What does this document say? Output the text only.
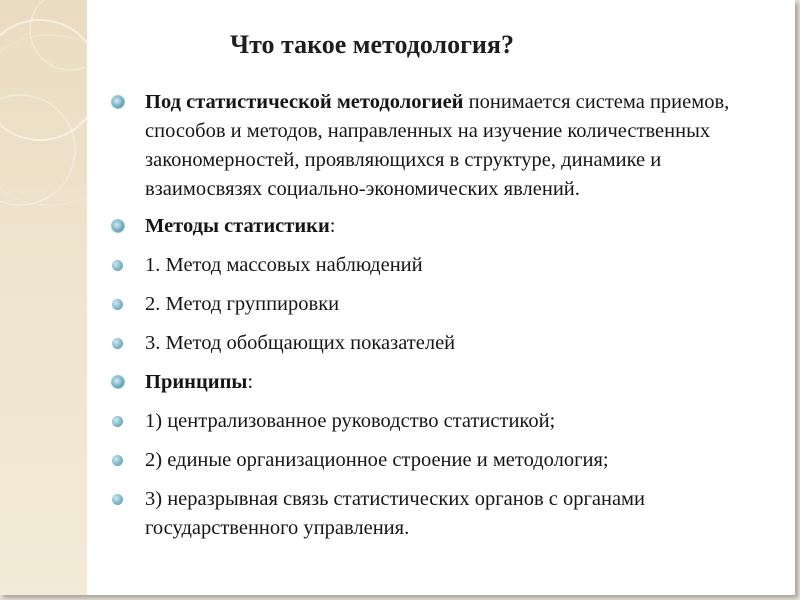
Что такое методология?
Под статистической методологией понимается система приемов, способов и методов, направленных на изучение количественных закономерностей, проявляющихся в структуре, динамике и взаимосвязях социально-экономических явлений.
Методы статистики:
1. Метод массовых наблюдений
2. Метод группировки
3. Метод обобщающих показателей
Принципы:
1) централизованное руководство статистикой;
2) единые организационное строение и методология;
3) неразрывная связь статистических органов с органами государственного управления.
